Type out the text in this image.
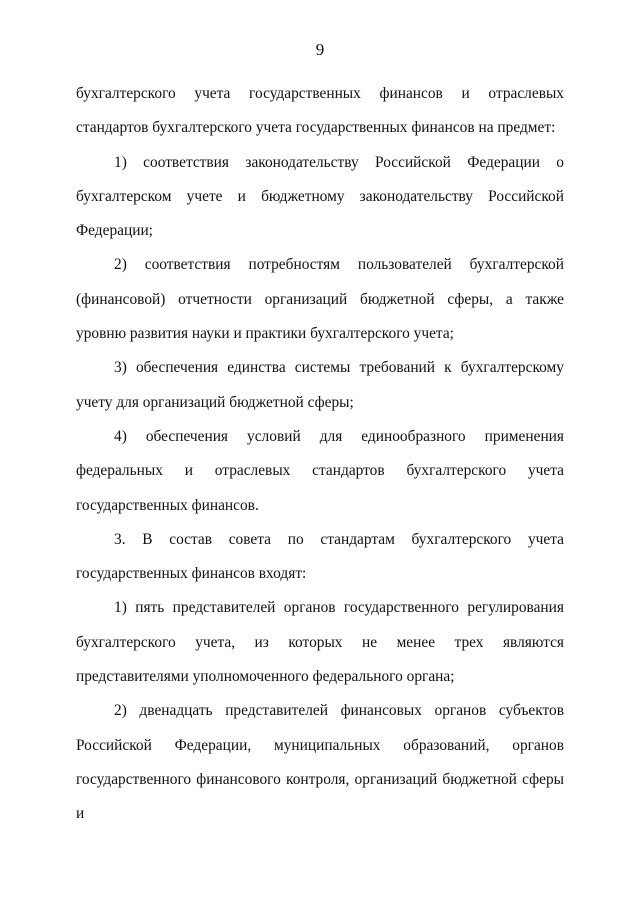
9

бухгалтерского учета государственных финансов и отраслевых стандартов бухгалтерского учета государственных финансов на предмет:

1) соответствия законодательству Российской Федерации о бухгалтерском учете и бюджетному законодательству Российской Федерации;

2) соответствия потребностям пользователей бухгалтерской (финансовой) отчетности организаций бюджетной сферы, а также уровню развития науки и практики бухгалтерского учета;

3) обеспечения единства системы требований к бухгалтерскому учету для организаций бюджетной сферы;

4) обеспечения условий для единообразного применения федеральных и отраслевых стандартов бухгалтерского учета государственных финансов.

3. В состав совета по стандартам бухгалтерского учета государственных финансов входят:

1) пять представителей органов государственного регулирования бухгалтерского учета, из которых не менее трех являются представителями уполномоченного федерального органа;

2) двенадцать представителей финансовых органов субъектов Российской Федерации, муниципальных образований, органов государственного финансового контроля, организаций бюджетной сферы и
